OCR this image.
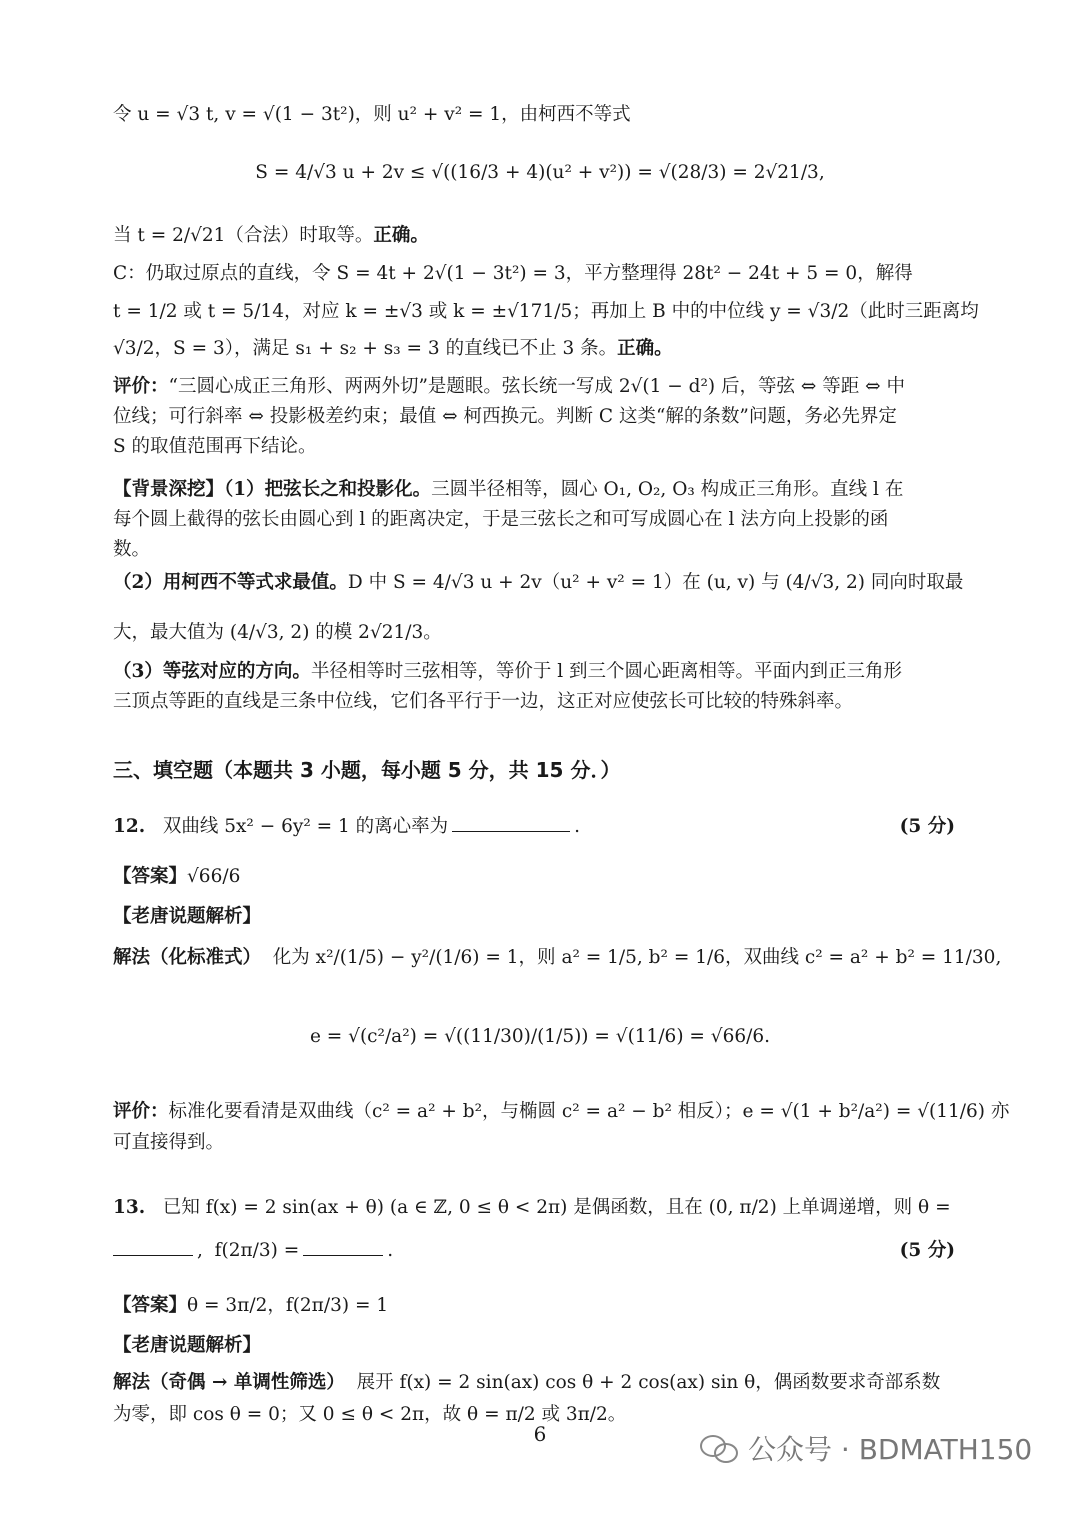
令 u = √3 t, v = √(1 − 3t²)，则 u² + v² = 1，由柯西不等式
S = 4/√3 u + 2v ≤ √((16/3 + 4)(u² + v²)) = √(28/3) = 2√21/3,
当 t = 2/√21（合法）时取等。正确。
C：仍取过原点的直线，令 S = 4t + 2√(1 − 3t²) = 3，平方整理得 28t² − 24t + 5 = 0，解得
t = 1/2 或 t = 5/14，对应 k = ±√3 或 k = ±√171/5；再加上 B 中的中位线 y = √3/2（此时三距离均
√3/2，S = 3），满足 s₁ + s₂ + s₃ = 3 的直线已不止 3 条。正确。
评价：“三圆心成正三角形、两两外切”是题眼。弦长统一写成 2√(1 − d²) 后，等弦 ⇔ 等距 ⇔ 中
位线；可行斜率 ⇔ 投影极差约束；最值 ⇔ 柯西换元。判断 C 这类“解的条数”问题，务必先界定
S 的取值范围再下结论。
【背景深挖】（1）把弦长之和投影化。三圆半径相等，圆心 O₁, O₂, O₃ 构成正三角形。直线 l 在
每个圆上截得的弦长由圆心到 l 的距离决定，于是三弦长之和可写成圆心在 l 法方向上投影的函
数。
（2）用柯西不等式求最值。D 中 S = 4/√3 u + 2v（u² + v² = 1）在 (u, v) 与 (4/√3, 2) 同向时取最
大，最大值为 (4/√3, 2) 的模 2√21/3。
（3）等弦对应的方向。半径相等时三弦相等，等价于 l 到三个圆心距离相等。平面内到正三角形
三顶点等距的直线是三条中位线，它们各平行于一边，这正对应使弦长可比较的特殊斜率。
三、填空题（本题共 3 小题，每小题 5 分，共 15 分．）
12. 双曲线 5x² − 6y² = 1 的离心率为	.	(5 分)
【答案】√66/6
【老唐说题解析】
解法（化标准式） 化为 x²/(1/5) − y²/(1/6) = 1，则 a² = 1/5, b² = 1/6，双曲线 c² = a² + b² = 11/30,
e = √(c²/a²) = √((11/30)/(1/5)) = √(11/6) = √66/6.
评价：标准化要看清是双曲线（c² = a² + b²，与椭圆 c² = a² − b² 相反）；e = √(1 + b²/a²) = √(11/6) 亦
可直接得到。
13. 已知 f(x) = 2 sin(ax + θ) (a ∈ ℤ, 0 ≤ θ < 2π) 是偶函数，且在 (0, π/2) 上单调递增，则 θ =
, f(2π/3) =	.	(5 分)
【答案】θ = 3π/2，f(2π/3) = 1
【老唐说题解析】
解法（奇偶 → 单调性筛选） 展开 f(x) = 2 sin(ax) cos θ + 2 cos(ax) sin θ，偶函数要求奇部系数
为零，即 cos θ = 0；又 0 ≤ θ < 2π，故 θ = π/2 或 3π/2。
6	公众号 · BDMATH150
